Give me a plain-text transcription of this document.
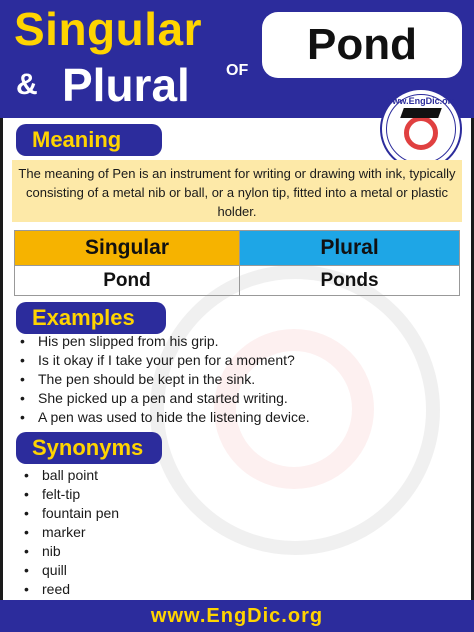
Singular
& Plural OF
Pond
www.EngDic.org
Meaning
The meaning of Pen is an instrument for writing or drawing with ink, typically consisting of a metal nib or ball, or a nylon tip, fitted into a metal or plastic holder.
Singular	Plural
Pond	Ponds
Examples
• His pen slipped from his grip.
• Is it okay if I take your pen for a moment?
• The pen should be kept in the sink.
• She picked up a pen and started writing.
• A pen was used to hide the listening device.
Synonyms
• ball point
• felt-tip
• fountain pen
• marker
• nib
• quill
• reed
www.EngDic.org
